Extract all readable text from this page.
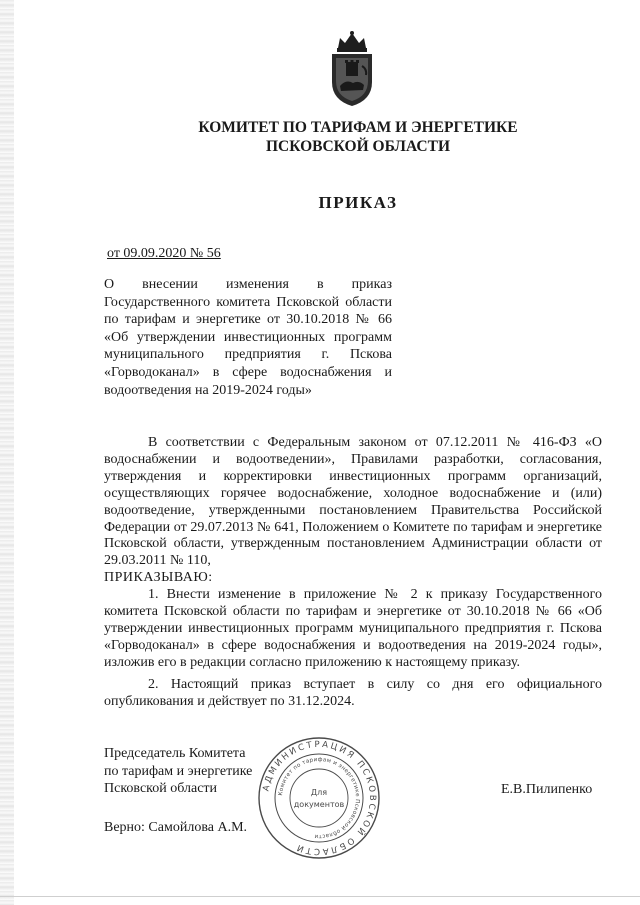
КОМИТЕТ ПО ТАРИФАМ И ЭНЕРГЕТИКЕ
ПСКОВСКОЙ ОБЛАСТИ
ПРИКАЗ
от 09.09.2020 № 56
О внесении изменения в приказ Государственного комитета Псковской области по тарифам и энергетике от 30.10.2018 № 66 «Об утверждении инвестиционных программ муниципального предприятия г. Пскова «Горводоканал» в сфере водоснабжения и водоотведения на 2019-2024 годы»

В соответствии с Федеральным законом от 07.12.2011 № 416-ФЗ «О водоснабжении и водоотведении», Правилами разработки, согласования, утверждения и корректировки инвестиционных программ организаций, осуществляющих горячее водоснабжение, холодное водоснабжение и (или) водоотведение, утвержденными постановлением Правительства Российской Федерации от 29.07.2013 № 641, Положением о Комитете по тарифам и энергетике Псковской области, утвержденным постановлением Администрации области от 29.03.2011 № 110,

ПРИКАЗЫВАЮ:

1. Внести изменение в приложение № 2 к приказу Государственного комитета Псковской области по тарифам и энергетике от 30.10.2018 № 66 «Об утверждении инвестиционных программ муниципального предприятия г. Пскова «Горводоканал» в сфере водоснабжения и водоотведения на 2019-2024 годы», изложив его в редакции согласно приложению к настоящему приказу.

2. Настоящий приказ вступает в силу со дня его официального опубликования и действует по 31.12.2024.

Председатель Комитета
по тарифам и энергетике
Псковской области	Е.В.Пилипенко
Верно: Самойлова А.М.
АДМИНИСТРАЦИЯ ПСКОВСКОЙ ОБЛАСТИ
Комитет по тарифам и энергетике Псковской области
Для
документов
